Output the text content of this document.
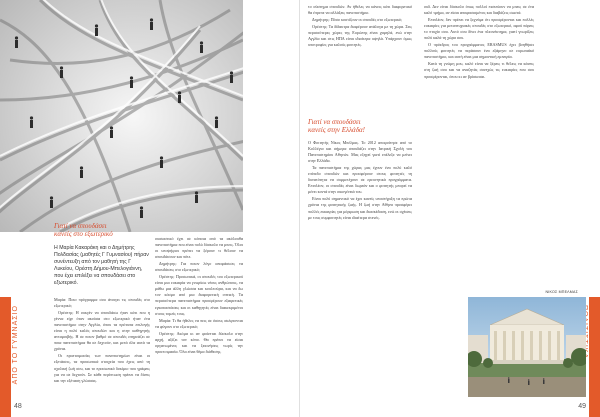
Γιατί να σπουδάσει
κανείς στο εξωτερικό
Η Μαρία Κακαράκη και ο Δημήτρης Πολδασίας (μαθητές Γ Γυμνασίου) πήραν συνέντευξη από τον μαθητή της Γ Λυκείου, Ορέστη Δήμου-Μπελογιάννη, που έχει επιλέξει να σπουδάσει στο εξωτερικό.

Μαρία: Ποιο πρόγραμμα σου άνοιγει τις σπουδές στο εξωτερικό;

Ορέστης: Η ουκγέν να σπουδάσω ήταν κάτι που η γέννα είχε όταν ακούσα στο εξωτερικό ήταν ένα πανεπιστήμιο στην Αγγλία, όπου τα πρότυπα επιλογής είναι η πολύ καλός σπουδών και η στην καθηγητής ανταμοιβής. Η σε ποιον βαθμό σε σπουδές επηρεάζει σε ποια πανεπιστήμια θα σε δεχτούν, και μετά όλα αυτά τα χρόνια.

Οι προετοιμασίες των πανεπιστημίων είναι οι εξετάσεις, τα προσωπικά στοιχεία που έχεις από τη σχολική ζωή σου, και το προσωπικό δοκίμιο που γράφεις για να σε δεχτούν. Σε κάθε περίπτωση πρέπει να δίνεις και την εξέταση γλώσσας.

ουσιαστικό έχει σε κάποια από τα ακόλουθα πανεπιστήμια που είναι πολύ δύσκολο να μπεις. Όλοι οι υποψήφιοι πρέπει να ξέρουν τι θέλουν να σπουδάσουν και πότε.

Δημήτρης: Για ποιον λόγο αποφάσισες να σπουδάσεις στο εξωτερικό;

Ορέστης: Προσωπικά, οι σπουδές του εξωτερικού είναι μια ευκαιρία να γνωρίσω νέους ανθρώπους, να μάθω μια άλλη γλώσσα και κουλτούρα, και να δω τον κόσμο από μια διαφορετική οπτική. Τα περισσότερα πανεπιστήμια προσφέρουν εξαιρετικές εγκαταστάσεις και οι καθηγητές είναι διακεκριμένοι στους τομείς τους.

Μαρία: Τι θα ήθελες να πεις σε όσους σκέφτονται να φύγουν στο εξωτερικό;

Ορέστης: Ακόμα κι αν φαίνεται δύσκολο στην αρχή, αξίζει τον κόπο. Θα πρέπει να είσαι οργανωμένος και να ξεκινήσεις νωρίς την προετοιμασία. Όλα είναι θέμα διάθεσης.

ΑΠΟ ΤΟ ΓΥΜΝΑΣΙΟ
48

το σύστημα σπουδών. Αν ήθελες να κάνεις κάτι διαφορετικό θα έπρεπε να αλλάξεις πανεπιστήμιο.

Δημήτρης: Πόσο κοστίζουν οι σπουδές στο εξωτερικό;

Ορέστης: Τα δίδακτρα διαφέρουν ανάλογα με τη χώρα. Στις περισσότερες χώρες της Ευρώπης είναι χαμηλά, ενώ στην Αγγλία και στις ΗΠΑ είναι ιδιαίτερα υψηλά. Υπάρχουν όμως υποτροφίες για καλούς φοιτητές.

Γιατί να σπουδάσει
κανείς στην Ελλάδα!

Ο Φοιτητής Νίκος Μπέλμας. Το 2012 αποφοίτησε από το Κολλέγιο και σήμερα σπουδάζει στην Ιατρική Σχολή του Πανεπιστημίου Αθηνών. Μας εξηγεί γιατί επέλεξε να μείνει στην Ελλάδα.

Τα πανεπιστήμια της χώρας μας έχουν ένα πολύ καλό επίπεδο σπουδών και προσφέρουν στους φοιτητές τη δυνατότητα να συμμετέχουν σε ερευνητικά προγράμματα. Επιπλέον, οι σπουδές είναι δωρεάν και ο φοιτητής μπορεί να μένει κοντά στην οικογένειά του.

Είναι πολύ σημαντικό να έχει κανείς υποστήριξη τα πρώτα χρόνια της φοιτητικής ζωής. Η ζωή στην Αθήνα προσφέρει πολλές ευκαιρίες για μόρφωση και διασκέδαση, ενώ οι σχέσεις με τους συμφοιτητές είναι ιδιαίτερα στενές.

ουδ. Δεν είναι δύσκολο όπως πολλοί πιστεύουν να μπεις σε ένα καλό τμήμα, αν είσαι αποφασισμένος και διαβάζεις σωστά.

Επιπλέον, δεν πρέπει να ξεχνάμε ότι προσφέρονται και πολλές ευκαιρίες για μεταπτυχιακές σπουδές στο εξωτερικό, αφού πάρεις το πτυχίο σου. Αυτό σου δίνει ένα πλεονέκτημα, γιατί γνωρίζεις πολύ καλά τη χώρα σου.

Ο πρόεδρος του προγράμματος ERASMUS έχει βοηθήσει πολλούς φοιτητές να περάσουν ένα εξάμηνο σε ευρωπαϊκό πανεπιστήμιο, και αυτή είναι μια σημαντική εμπειρία.

Κατά τη γνώμη μου, καλό είναι να ξέρεις τι θέλεις να κάνεις στη ζωή σου και να αναζητάς συνεχώς τις ευκαιρίες που σου προσφέρονται, όπου κι αν βρίσκεσαι.

ΝΙΚΟΣ ΜΠΕΛΜΑΣ
49
